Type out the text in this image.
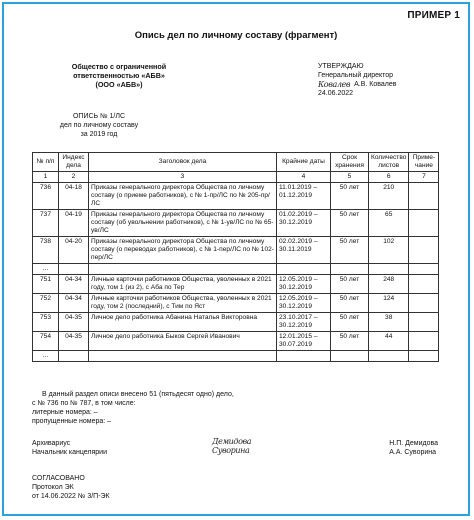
ПРИМЕР 1
Опись дел по личному составу (фрагмент)
Общество с ограниченной
ответственностью «АБВ»
(ООО «АБВ»)
УТВЕРЖДАЮ
Генеральный директор
Ковалев А.В. Ковалев
24.06.2022
ОПИСЬ № 1/ЛС
дел по личному составу
за 2019 год
№ п/п	Индекс дела	Заголовок дела	Крайние даты	Срок хранения	Количество листов	Приме-чание
1	2	3	4	5	6	7
736	04-18	Приказы генерального директора Общества по личному составу (о приеме работников), с № 1-пр/ЛС по № 205-пр/ЛС	11.01.2019 – 01.12.2019	50 лет	210	
737	04-19	Приказы генерального директора Общества по личному составу (об увольнении работников), с № 1-ув/ЛС по № 65-ув/ЛС	01.02.2019 – 30.12.2019	50 лет	65	
738	04-20	Приказы генерального директора Общества по личному составу (о переводах работников), с № 1-пер/ЛС по № 102-пер/ЛС	02.02.2019 – 30.11.2019	50 лет	102	
…						
751	04-34	Личные карточки работников Общества, уволенных в 2021 году, том 1 (из 2), с Аба по Тер	12.05.2019 – 30.12.2019	50 лет	248	
752	04-34	Личные карточки работников Общества, уволенных в 2021 году, том 2 (последний), с Тим по Яст	12.05.2019 – 30.12.2019	50 лет	124	
753	04-35	Личное дело работника Абанина Наталья Викторовна	23.10.2017 – 30.12.2019	50 лет	38	
754	04-35	Личное дело работника Быков Сергей Иванович	12.01.2015 – 30.07.2019	50 лет	44	
…						
В данный раздел описи внесено 51 (пятьдесят одно) дело,
с № 736 по № 787, в том числе:
литерные номера: –
пропущенные номера: –
Архивариус
Начальник канцелярии
Демидова
Суворина
Н.П. Демидова
А.А. Суворина
СОГЛАСОВАНО
Протокол ЭК
от 14.06.2022 № 3/П-ЭК
